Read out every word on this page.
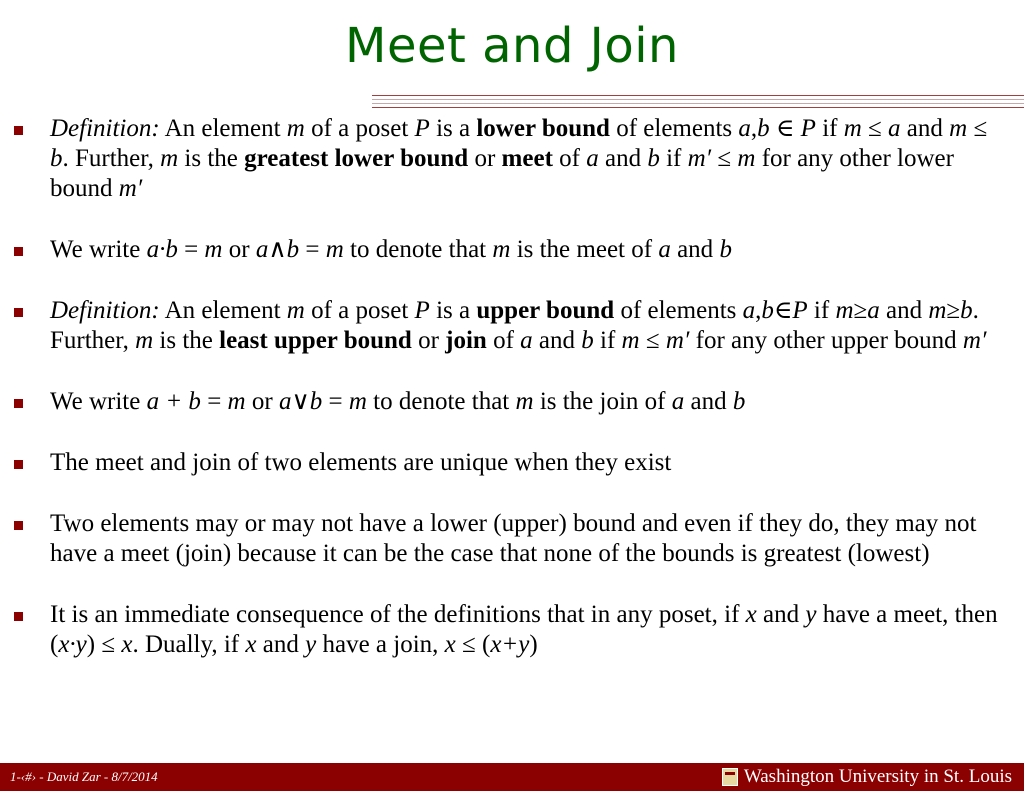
Meet and Join
Definition: An element m of a poset P is a lower bound of elements a,b ∈ P if m ≤ a and m ≤ b. Further, m is the greatest lower bound or meet of a and b if m′ ≤ m for any other lower bound m′
We write a·b = m or a∧b = m to denote that m is the meet of a and b
Definition: An element m of a poset P is a upper bound of elements a,b∈P if m≥a and m≥b. Further, m is the least upper bound or join of a and b if m ≤ m′ for any other upper bound m′
We write a + b = m or a∨b = m to denote that m is the join of a and b
The meet and join of two elements are unique when they exist
Two elements may or may not have a lower (upper) bound and even if they do, they may not have a meet (join) because it can be the case that none of the bounds is greatest (lowest)
It is an immediate consequence of the definitions that in any poset, if x and y have a meet, then (x·y) ≤ x. Dually, if x and y have a join, x ≤ (x+y)
1-‹#› - David Zar - 8/7/2014	Washington University in St. Louis
